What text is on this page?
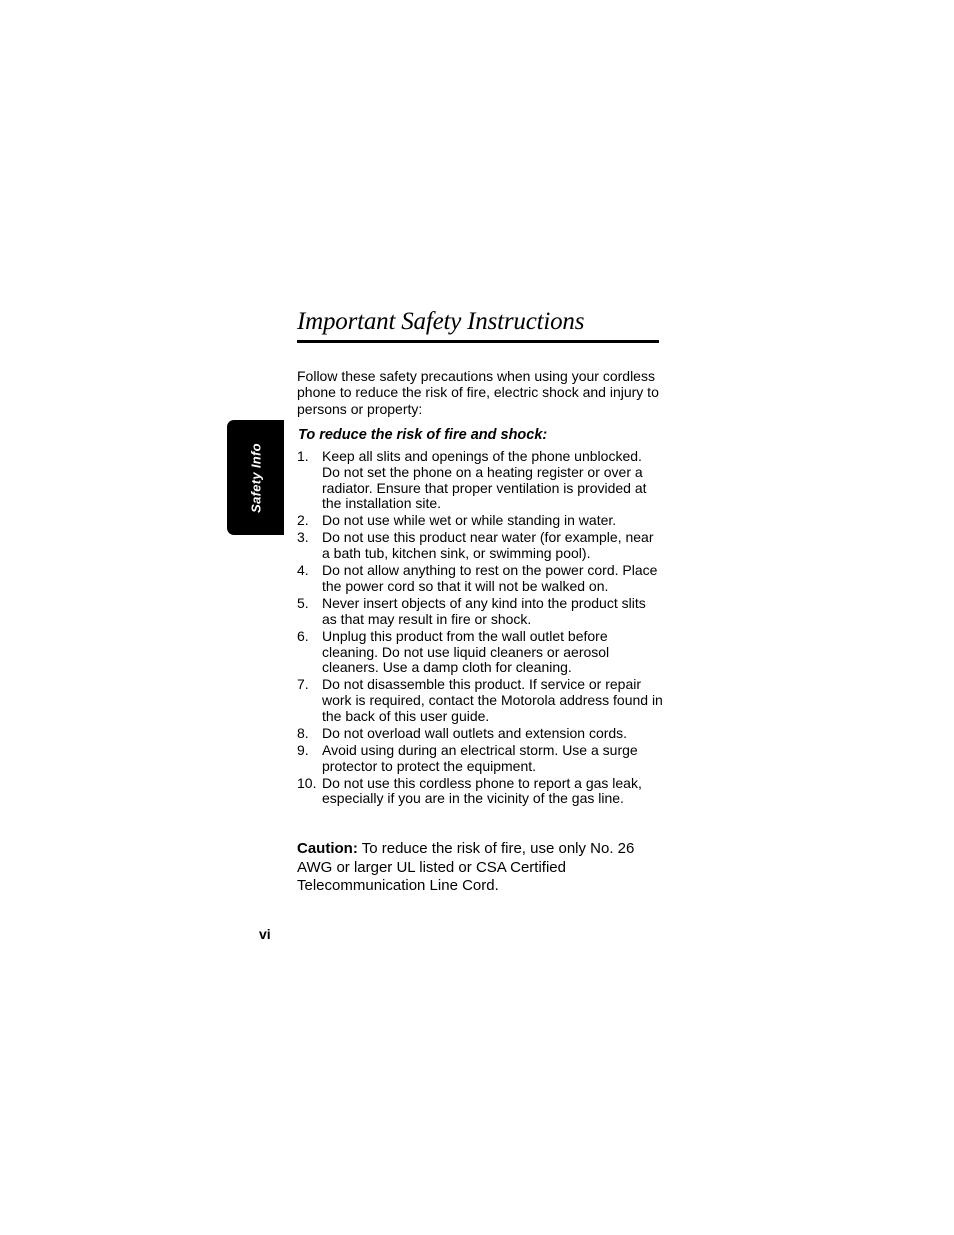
Safety Info
Important Safety Instructions

Follow these safety precautions when using your cordless phone to reduce the risk of fire, electric shock and injury to persons or property:

To reduce the risk of fire and shock:
1. Keep all slits and openings of the phone unblocked. Do not set the phone on a heating register or over a radiator. Ensure that proper ventilation is provided at the installation site.
2. Do not use while wet or while standing in water.
3. Do not use this product near water (for example, near a bath tub, kitchen sink, or swimming pool).
4. Do not allow anything to rest on the power cord. Place the power cord so that it will not be walked on.
5. Never insert objects of any kind into the product slits as that may result in fire or shock.
6. Unplug this product from the wall outlet before cleaning. Do not use liquid cleaners or aerosol cleaners. Use a damp cloth for cleaning.
7. Do not disassemble this product. If service or repair work is required, contact the Motorola address found in the back of this user guide.
8. Do not overload wall outlets and extension cords.
9. Avoid using during an electrical storm. Use a surge protector to protect the equipment.
10. Do not use this cordless phone to report a gas leak, especially if you are in the vicinity of the gas line.

Caution: To reduce the risk of fire, use only No. 26 AWG or larger UL listed or CSA Certified Telecommunication Line Cord.

vi
